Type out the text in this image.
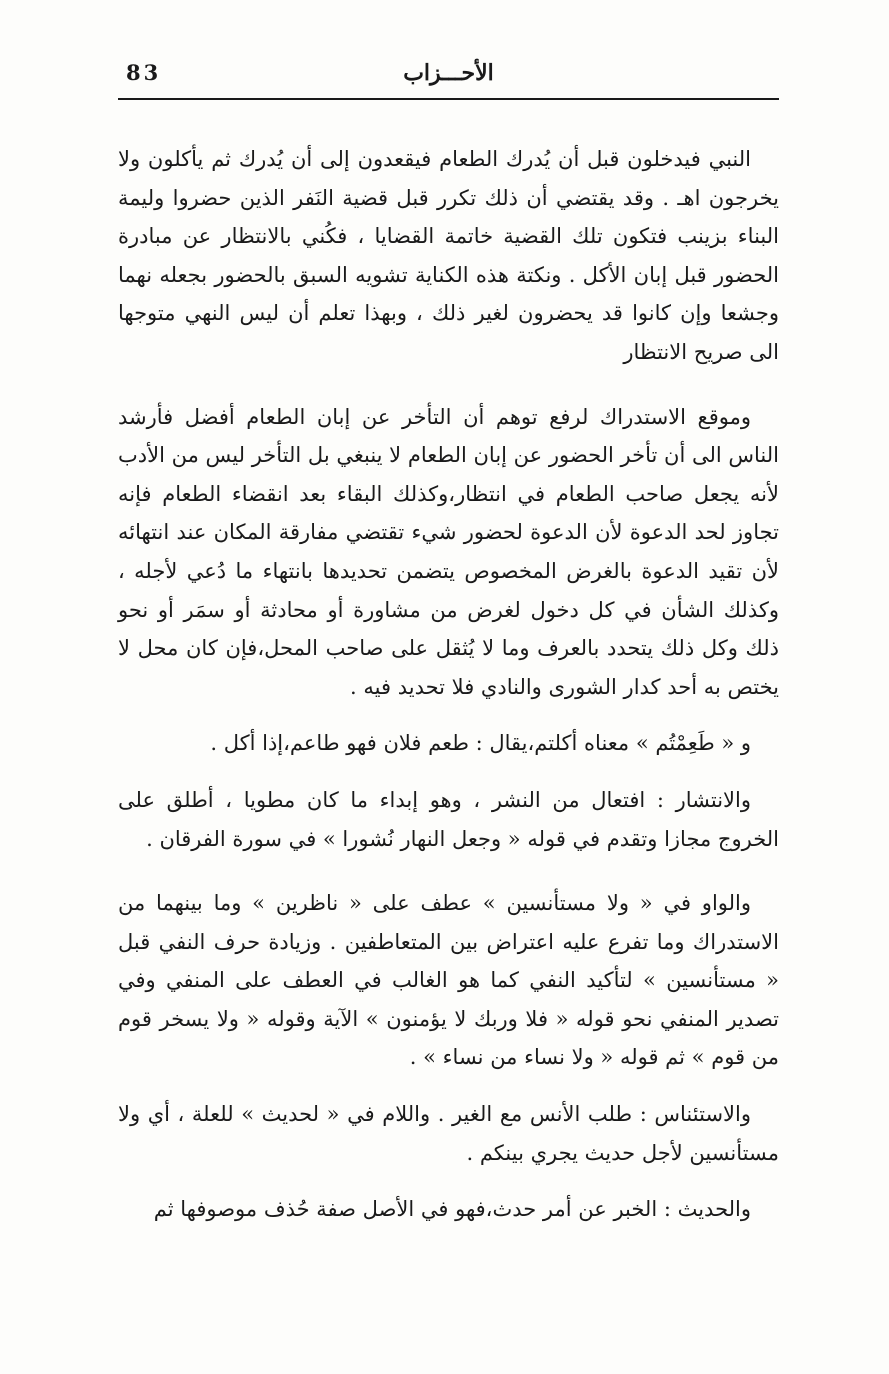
83	الأحـــزاب

النبي فيدخلون قبل أن يُدرك الطعام فيقعدون إلى أن يُدرك ثم يأكلون ولا يخرجون اهـ . وقد يقتضي أن ذلك تكرر قبل قضية النَفر الذين حضروا وليمة البناء بزينب فتكون تلك القضية خاتمة القضايا ، فكُني بالانتظار عن مبادرة الحضور قبل إبان الأكل . ونكتة هذه الكناية تشويه السبق بالحضور بجعله نهما وجشعا وإن كانوا قد يحضرون لغير ذلك ، وبهذا تعلم أن ليس النهي متوجها الى صريح الانتظار

وموقع الاستدراك لرفع توهم أن التأخر عن إبان الطعام أفضل فأرشد الناس الى أن تأخر الحضور عن إبان الطعام لا ينبغي بل التأخر ليس من الأدب لأنه يجعل صاحب الطعام في انتظار،وكذلك البقاء بعد انقضاء الطعام فإنه تجاوز لحد الدعوة لأن الدعوة لحضور شيء تقتضي مفارقة المكان عند انتهائه لأن تقيد الدعوة بالغرض المخصوص يتضمن تحديدها بانتهاء ما دُعي لأجله ، وكذلك الشأن في كل دخول لغرض من مشاورة أو محادثة أو سمَر أو نحو ذلك وكل ذلك يتحدد بالعرف وما لا يُثقل على صاحب المحل،فإن كان محل لا يختص به أحد كدار الشورى والنادي فلا تحديد فيه .

و « طَعِمْتُم » معناه أكلتم،يقال : طعم فلان فهو طاعم،إذا أكل .

والانتشار : افتعال من النشر ، وهو إبداء ما كان مطويا ، أطلق على الخروج مجازا وتقدم في قوله « وجعل النهار نُشورا » في سورة الفرقان .

والواو في « ولا مستأنسين » عطف على « ناظرين » وما بينهما من الاستدراك وما تفرع عليه اعتراض بين المتعاطفين . وزيادة حرف النفي قبل « مستأنسين » لتأكيد النفي كما هو الغالب في العطف على المنفي وفي تصدير المنفي نحو قوله « فلا وربك لا يؤمنون » الآية وقوله « ولا يسخر قوم من قوم » ثم قوله « ولا نساء من نساء » .

والاستئناس : طلب الأنس مع الغير . واللام في « لحديث » للعلة ، أي ولا مستأنسين لأجل حديث يجري بينكم .

والحديث : الخبر عن أمر حدث،فهو في الأصل صفة حُذف موصوفها ثم
